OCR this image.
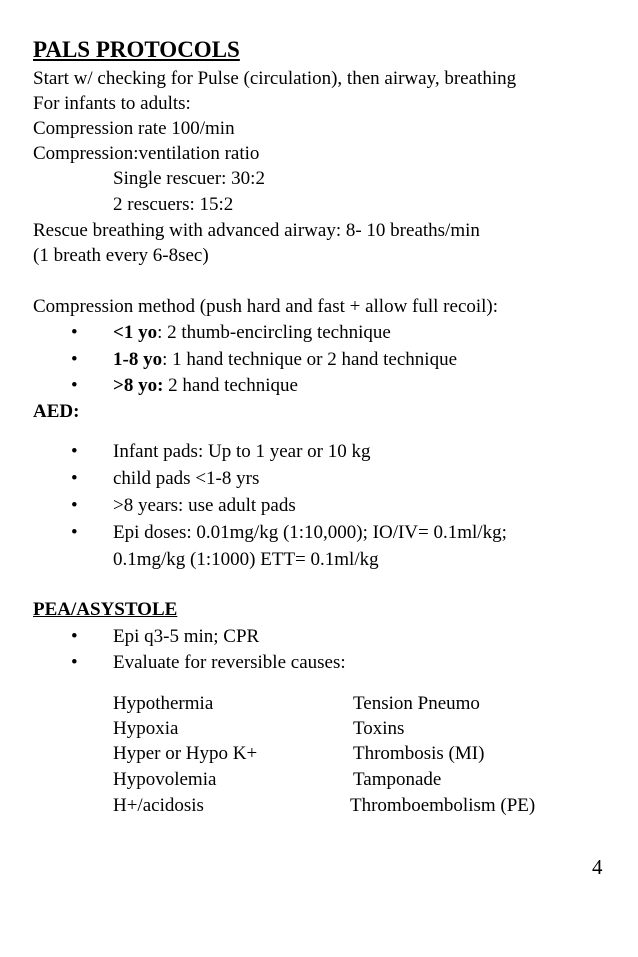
PALS PROTOCOLS
Start w/ checking for Pulse (circulation), then airway, breathing
For infants to adults:
Compression rate 100/min
Compression:ventilation ratio
Single rescuer: 30:2
2 rescuers: 15:2
Rescue breathing with advanced airway: 8- 10 breaths/min
(1 breath every 6-8sec)
Compression method (push hard and fast + allow full recoil):
• <1 yo: 2 thumb-encircling technique
• 1-8 yo: 1 hand technique or 2 hand technique
• >8 yo: 2 hand technique
AED:
• Infant pads: Up to 1 year or 10 kg
• child pads <1-8 yrs
• >8 years: use adult pads
• Epi doses: 0.01mg/kg (1:10,000); IO/IV= 0.1ml/kg;
0.1mg/kg (1:1000) ETT= 0.1ml/kg
PEA/ASYSTOLE
• Epi q3-5 min; CPR
• Evaluate for reversible causes:
Hypothermia
Hypoxia
Hyper or Hypo K+
Hypovolemia
H+/acidosis
Tension Pneumo
Toxins
Thrombosis (MI)
Tamponade
Thromboembolism (PE)
4
